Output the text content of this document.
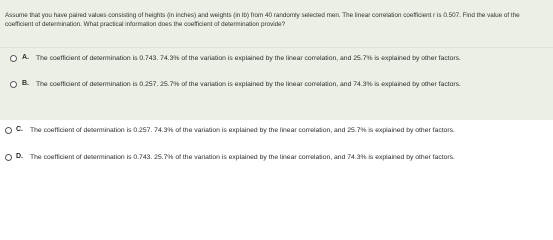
Assume that you have paired values consisting of heights (in inches) and weights (in lb) from 40 randomly selected men. The linear correlation coefficient r is 0.507. Find the value of the coefficient of determination. What practical information does the coefficient of determination provide?

A. The coefficient of determination is 0.743. 74.3% of the variation is explained by the linear correlation, and 25.7% is explained by other factors.
B. The coefficient of determination is 0.257. 25.7% of the variation is explained by the linear correlation, and 74.3% is explained by other factors.
C. The coefficient of determination is 0.257. 74.3% of the variation is explained by the linear correlation, and 25.7% is explained by other factors.
D. The coefficient of determination is 0.743. 25.7% of the variation is explained by the linear correlation, and 74.3% is explained by other factors.
